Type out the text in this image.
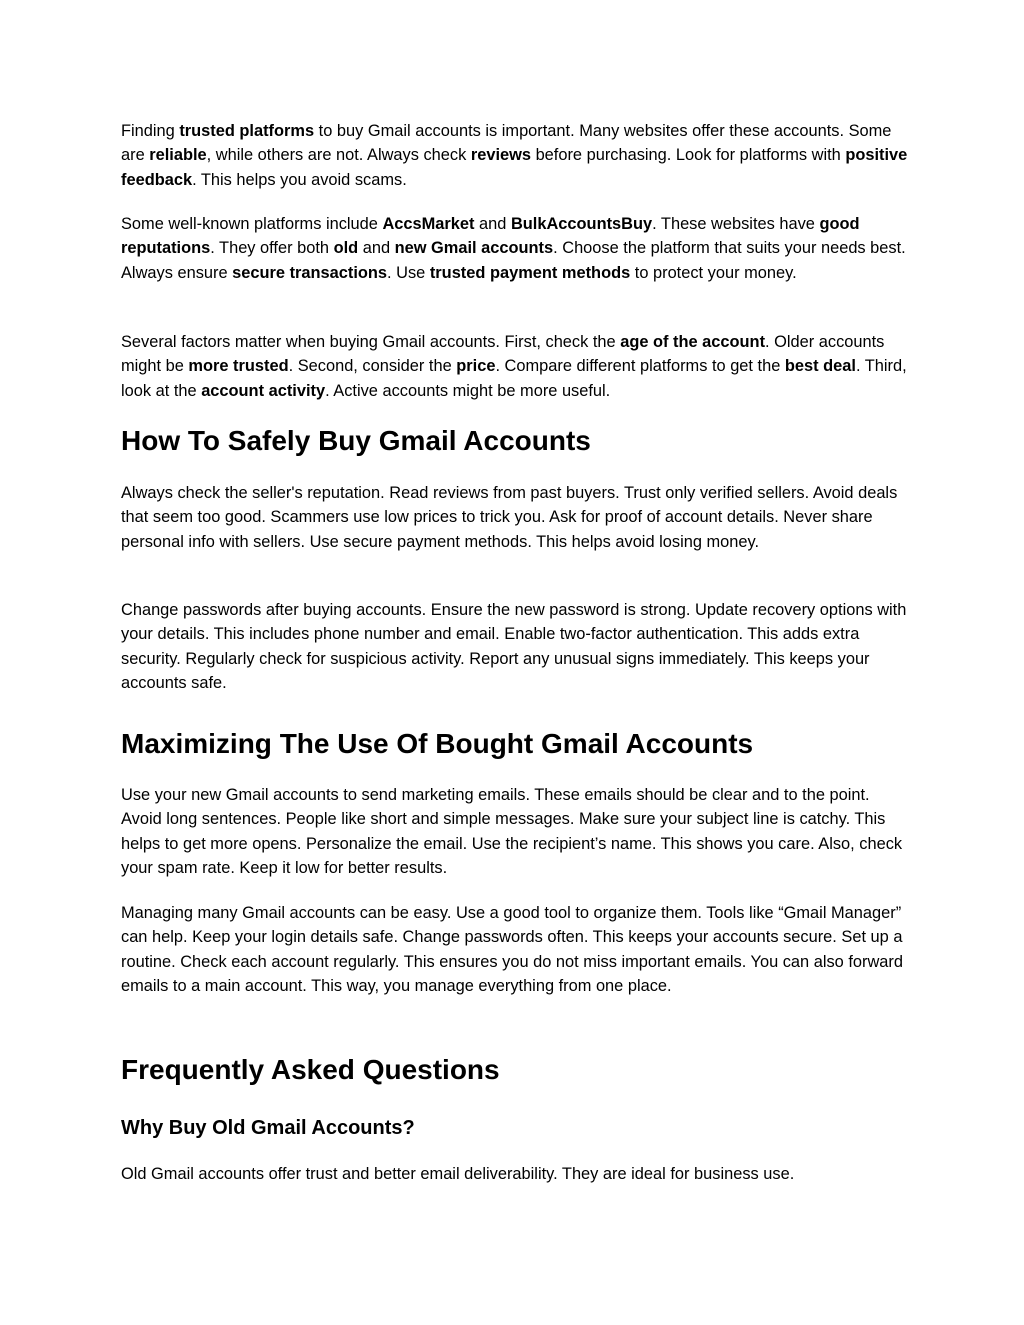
Finding trusted platforms to buy Gmail accounts is important. Many websites offer these accounts. Some are reliable, while others are not. Always check reviews before purchasing. Look for platforms with positive feedback. This helps you avoid scams.

Some well-known platforms include AccsMarket and BulkAccountsBuy. These websites have good reputations. They offer both old and new Gmail accounts. Choose the platform that suits your needs best. Always ensure secure transactions. Use trusted payment methods to protect your money.

Several factors matter when buying Gmail accounts. First, check the age of the account. Older accounts might be more trusted. Second, consider the price. Compare different platforms to get the best deal. Third, look at the account activity. Active accounts might be more useful.

How To Safely Buy Gmail Accounts

Always check the seller's reputation. Read reviews from past buyers. Trust only verified sellers. Avoid deals that seem too good. Scammers use low prices to trick you. Ask for proof of account details. Never share personal info with sellers. Use secure payment methods. This helps avoid losing money.

Change passwords after buying accounts. Ensure the new password is strong. Update recovery options with your details. This includes phone number and email. Enable two-factor authentication. This adds extra security. Regularly check for suspicious activity. Report any unusual signs immediately. This keeps your accounts safe.

Maximizing The Use Of Bought Gmail Accounts

Use your new Gmail accounts to send marketing emails. These emails should be clear and to the point. Avoid long sentences. People like short and simple messages. Make sure your subject line is catchy. This helps to get more opens. Personalize the email. Use the recipient’s name. This shows you care. Also, check your spam rate. Keep it low for better results.

Managing many Gmail accounts can be easy. Use a good tool to organize them. Tools like “Gmail Manager” can help. Keep your login details safe. Change passwords often. This keeps your accounts secure. Set up a routine. Check each account regularly. This ensures you do not miss important emails. You can also forward emails to a main account. This way, you manage everything from one place.

Frequently Asked Questions
Why Buy Old Gmail Accounts?

Old Gmail accounts offer trust and better email deliverability. They are ideal for business use.
